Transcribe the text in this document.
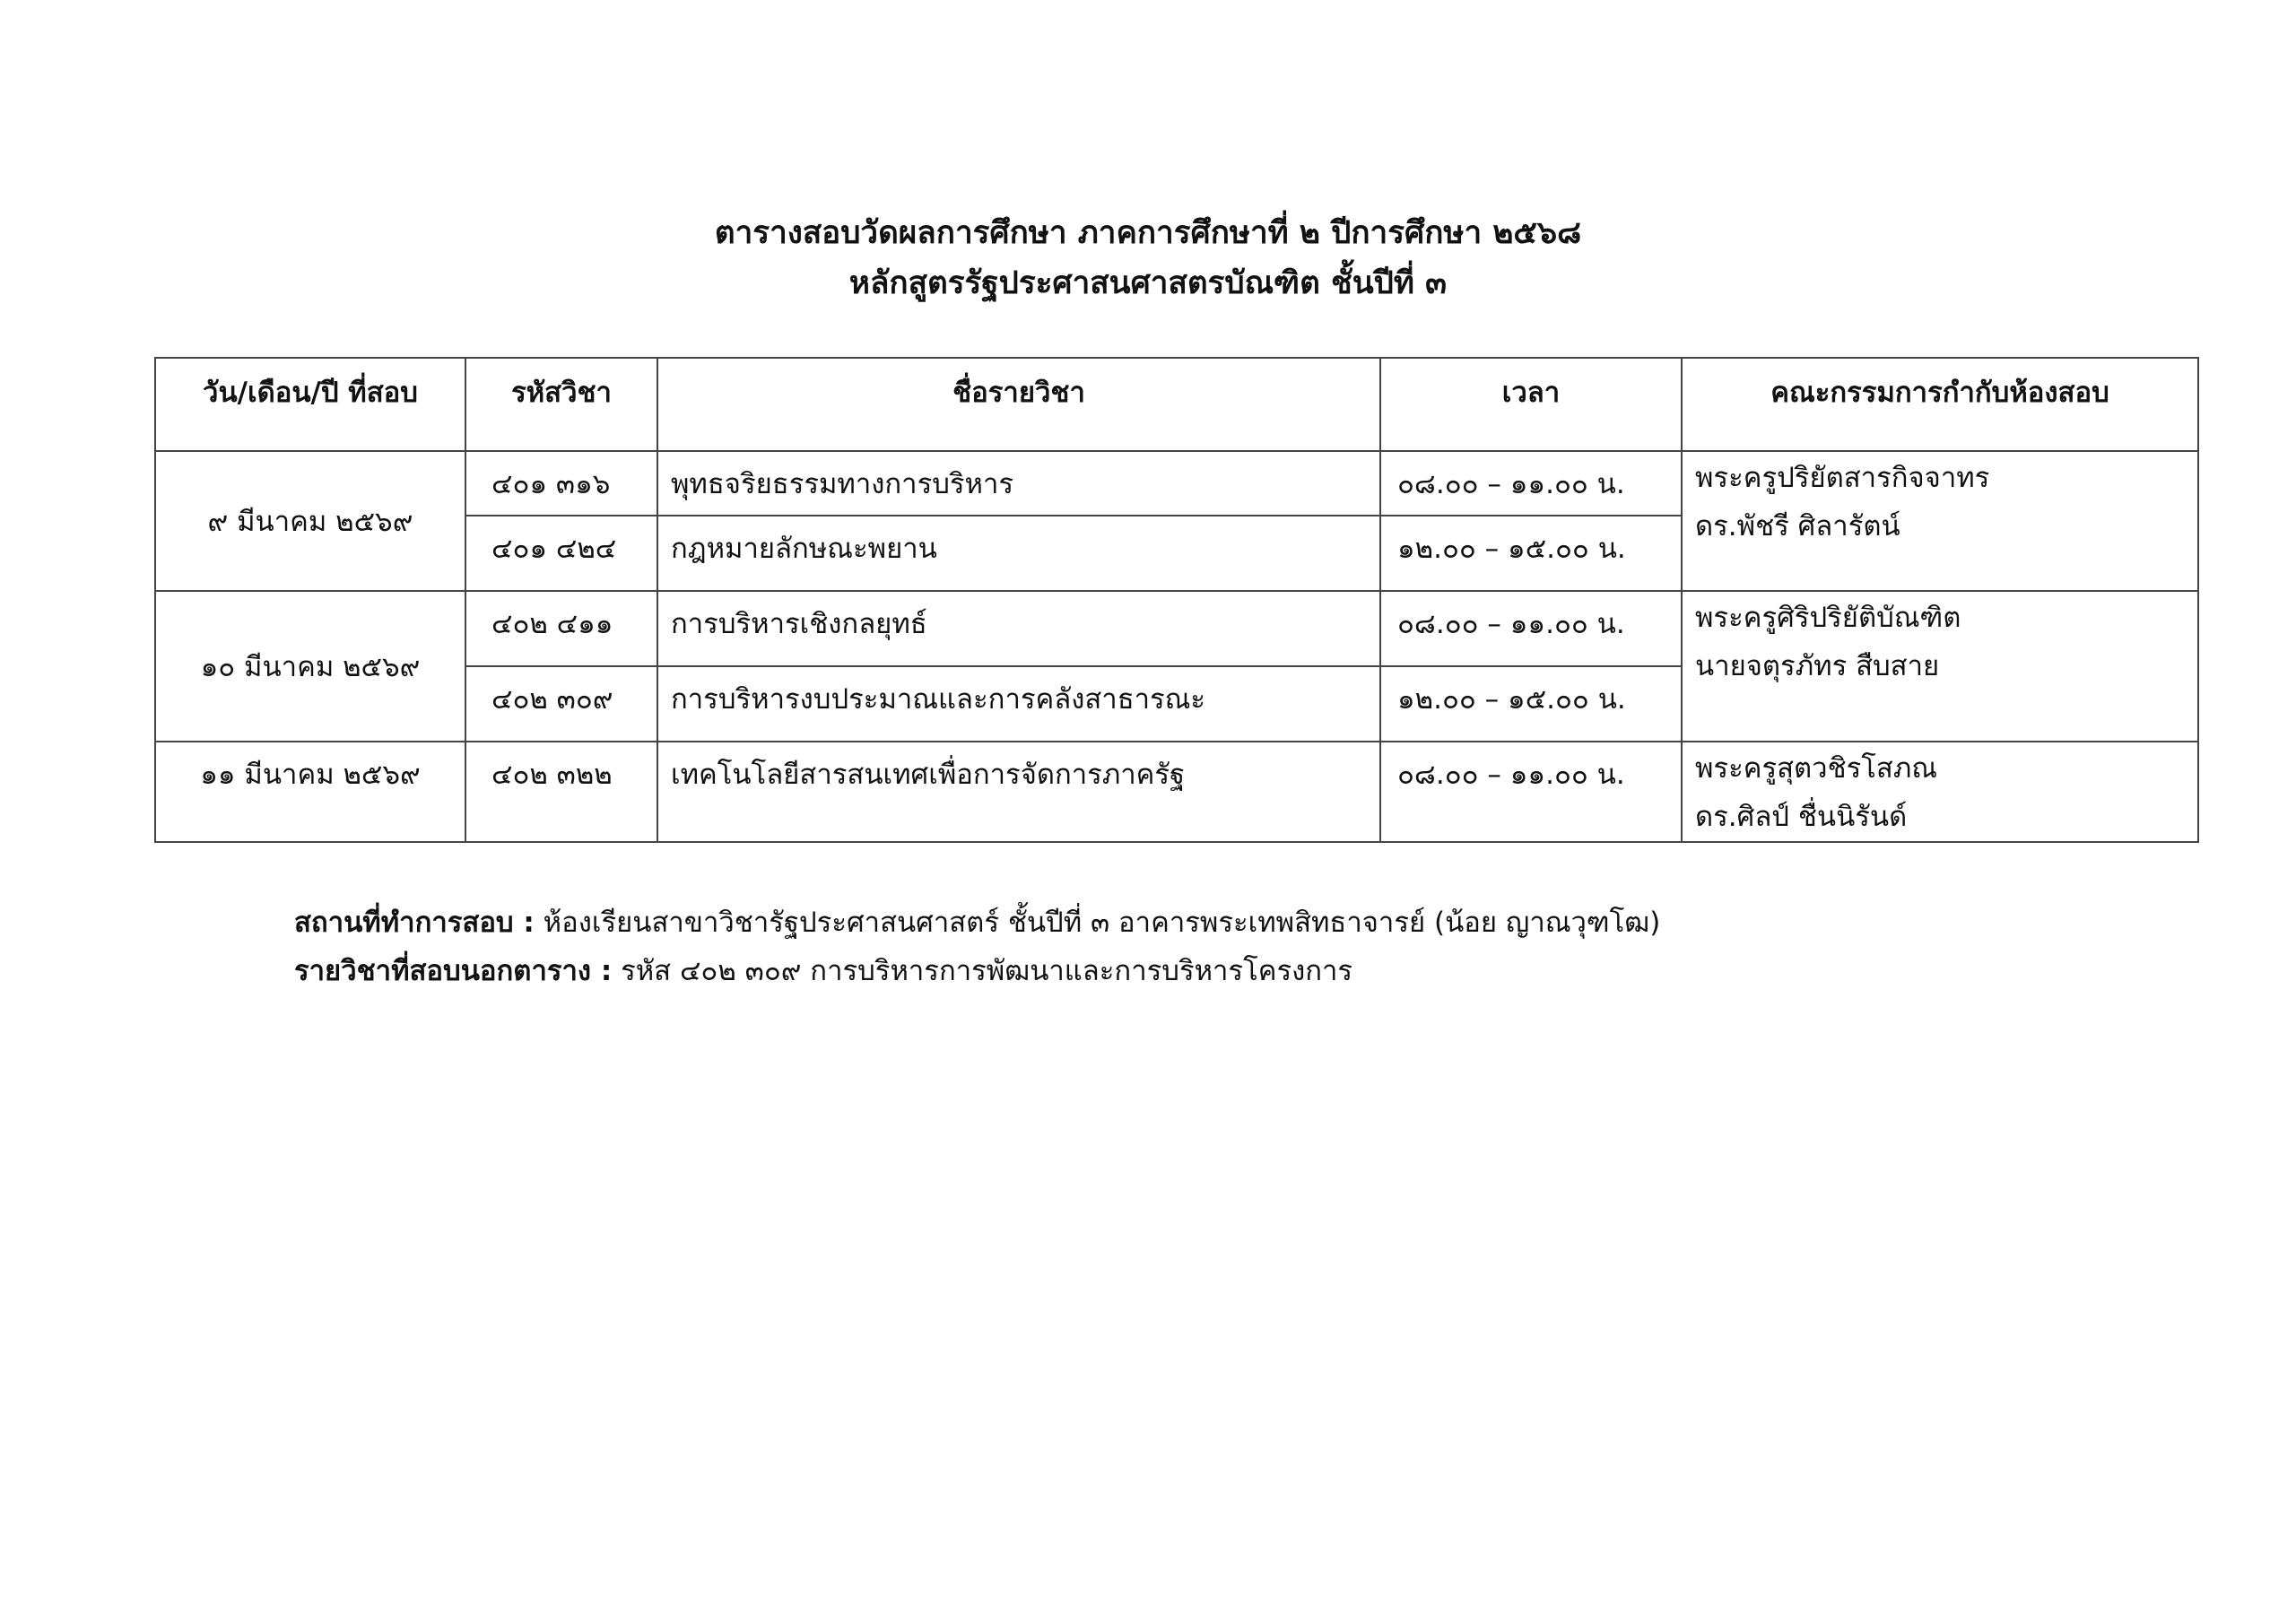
ตารางสอบวัดผลการศึกษา ภาคการศึกษาที่ ๒ ปีการศึกษา ๒๕๖๘
หลักสูตรรัฐประศาสนศาสตรบัณฑิต ชั้นปีที่ ๓
วัน/เดือน/ปี ที่สอบ	รหัสวิชา	ชื่อรายวิชา	เวลา	คณะกรรมการกำกับห้องสอบ
๙ มีนาคม ๒๕๖๙	๔๐๑ ๓๑๖	พุทธจริยธรรมทางการบริหาร	๐๘.๐๐ – ๑๑.๐๐ น.	พระครูปริยัตสารกิจจาทร
ดร.พัชรี ศิลารัตน์

	๔๐๑ ๔๒๔	กฎหมายลักษณะพยาน	๑๒.๐๐ – ๑๕.๐๐ น.	
๑๐ มีนาคม ๒๕๖๙	๔๐๒ ๔๑๑	การบริหารเชิงกลยุทธ์	๐๘.๐๐ – ๑๑.๐๐ น.	พระครูศิริปริยัติบัณฑิต
นายจตุรภัทร สืบสาย

	๔๐๒ ๓๐๙	การบริหารงบประมาณและการคลังสาธารณะ	๑๒.๐๐ – ๑๕.๐๐ น.	
๑๑ มีนาคม ๒๕๖๙	๔๐๒ ๓๒๒	เทคโนโลยีสารสนเทศเพื่อการจัดการภาครัฐ	๐๘.๐๐ – ๑๑.๐๐ น.	พระครูสุตวชิรโสภณ
ดร.ศิลป์ ชื่นนิรันด์
สถานที่ทำการสอบ : ห้องเรียนสาขาวิชารัฐประศาสนศาสตร์ ชั้นปีที่ ๓ อาคารพระเทพสิทธาจารย์ (น้อย ญาณวุฑโฒ)
รายวิชาที่สอบนอกตาราง : รหัส ๔๐๒ ๓๐๙ การบริหารการพัฒนาและการบริหารโครงการ
